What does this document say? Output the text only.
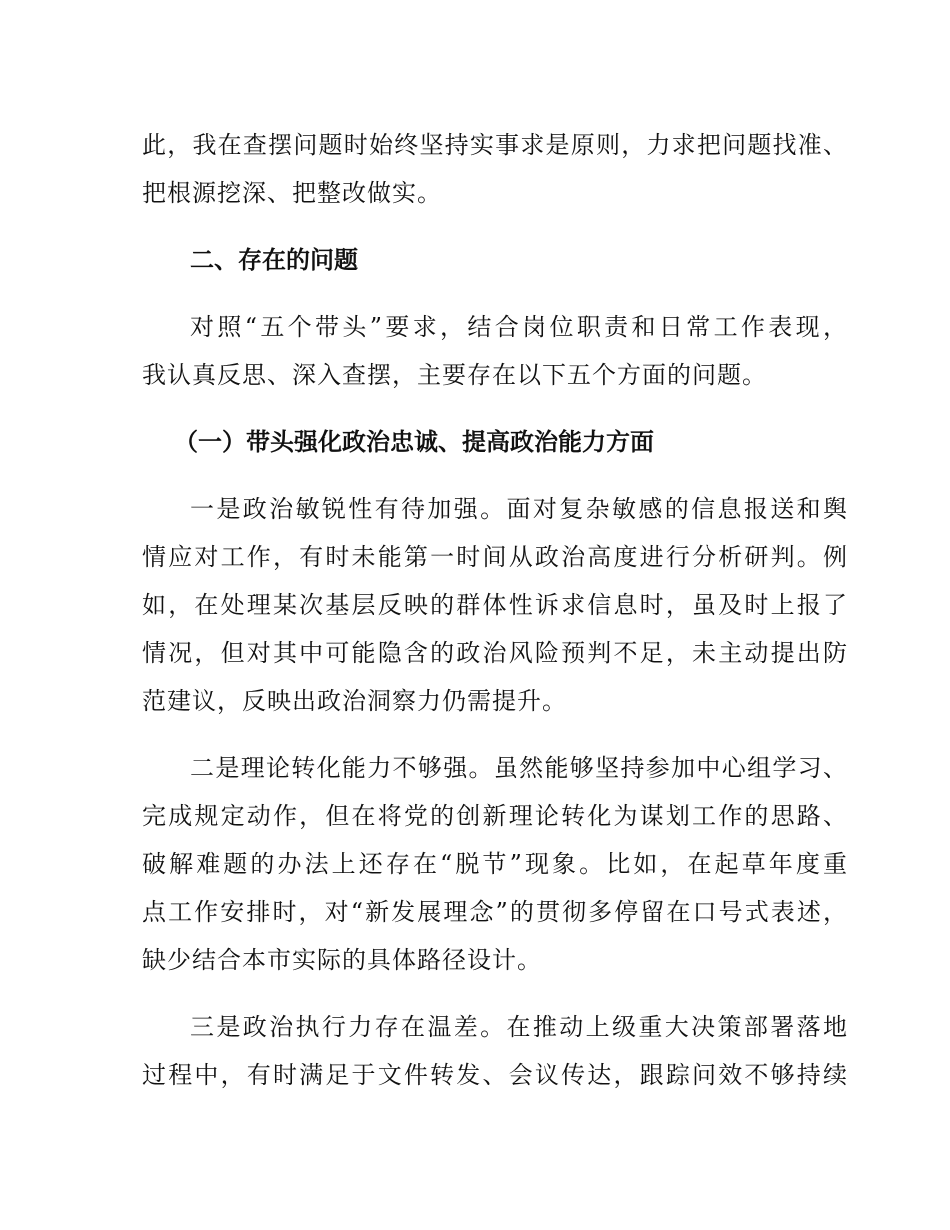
此，我在查摆问题时始终坚持实事求是原则，力求把问题找准、
把根源挖深、把整改做实。
二、存在的问题
对照“五个带头”要求，结合岗位职责和日常工作表现，
我认真反思、深入查摆，主要存在以下五个方面的问题。
（一）带头强化政治忠诚、提高政治能力方面
一是政治敏锐性有待加强。面对复杂敏感的信息报送和舆
情应对工作，有时未能第一时间从政治高度进行分析研判。例
如，在处理某次基层反映的群体性诉求信息时，虽及时上报了
情况，但对其中可能隐含的政治风险预判不足，未主动提出防
范建议，反映出政治洞察力仍需提升。
二是理论转化能力不够强。虽然能够坚持参加中心组学习、
完成规定动作，但在将党的创新理论转化为谋划工作的思路、
破解难题的办法上还存在“脱节”现象。比如，在起草年度重
点工作安排时，对“新发展理念”的贯彻多停留在口号式表述，
缺少结合本市实际的具体路径设计。
三是政治执行力存在温差。在推动上级重大决策部署落地
过程中，有时满足于文件转发、会议传达，跟踪问效不够持续
